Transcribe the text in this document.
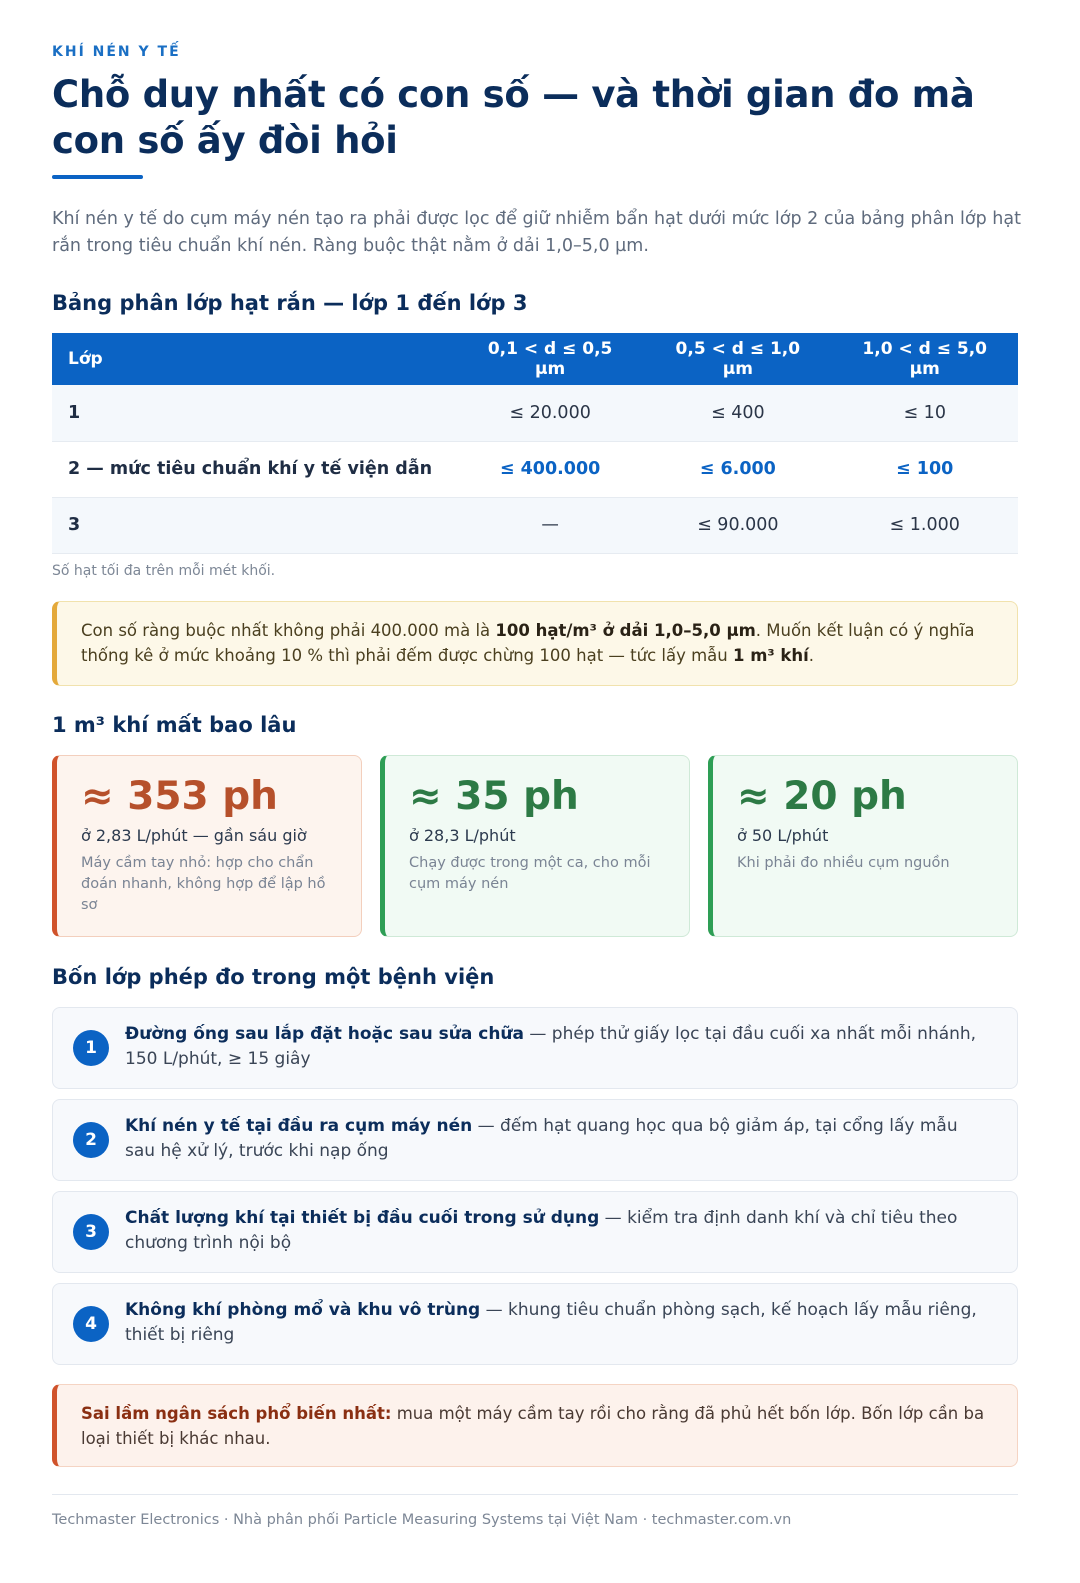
KHÍ NÉN Y TẾ
Chỗ duy nhất có con số — và thời gian đo mà con số ấy đòi hỏi

Khí nén y tế do cụm máy nén tạo ra phải được lọc để giữ nhiễm bẩn hạt dưới mức lớp 2 của bảng phân lớp hạt rắn trong tiêu chuẩn khí nén. Ràng buộc thật nằm ở dải 1,0–5,0 µm.

Bảng phân lớp hạt rắn — lớp 1 đến lớp 3
Lớp	0,1 < d ≤ 0,5 µm	0,5 < d ≤ 1,0 µm	1,0 < d ≤ 5,0 µm
1	≤ 20.000	≤ 400	≤ 10
2 — mức tiêu chuẩn khí y tế viện dẫn	≤ 400.000	≤ 6.000	≤ 100
3	—	≤ 90.000	≤ 1.000
Số hạt tối đa trên mỗi mét khối.
Con số ràng buộc nhất không phải 400.000 mà là 100 hạt/m³ ở dải 1,0–5,0 µm. Muốn kết luận có ý nghĩa thống kê ở mức khoảng 10 % thì phải đếm được chừng 100 hạt — tức lấy mẫu 1 m³ khí.
1 m³ khí mất bao lâu
≈ 353 ph
ở 2,83 L/phút — gần sáu giờ
Máy cầm tay nhỏ: hợp cho chẩn đoán nhanh, không hợp để lập hồ sơ
≈ 35 ph
ở 28,3 L/phút
Chạy được trong một ca, cho mỗi cụm máy nén
≈ 20 ph
ở 50 L/phút
Khi phải đo nhiều cụm nguồn
Bốn lớp phép đo trong một bệnh viện
1
Đường ống sau lắp đặt hoặc sau sửa chữa — phép thử giấy lọc tại đầu cuối xa nhất mỗi nhánh, 150 L/phút, ≥ 15 giây
2
Khí nén y tế tại đầu ra cụm máy nén — đếm hạt quang học qua bộ giảm áp, tại cổng lấy mẫu sau hệ xử lý, trước khi nạp ống
3
Chất lượng khí tại thiết bị đầu cuối trong sử dụng — kiểm tra định danh khí và chỉ tiêu theo chương trình nội bộ
4
Không khí phòng mổ và khu vô trùng — khung tiêu chuẩn phòng sạch, kế hoạch lấy mẫu riêng, thiết bị riêng
Sai lầm ngân sách phổ biến nhất: mua một máy cầm tay rồi cho rằng đã phủ hết bốn lớp. Bốn lớp cần ba loại thiết bị khác nhau.
Techmaster Electronics · Nhà phân phối Particle Measuring Systems tại Việt Nam · techmaster.com.vn
